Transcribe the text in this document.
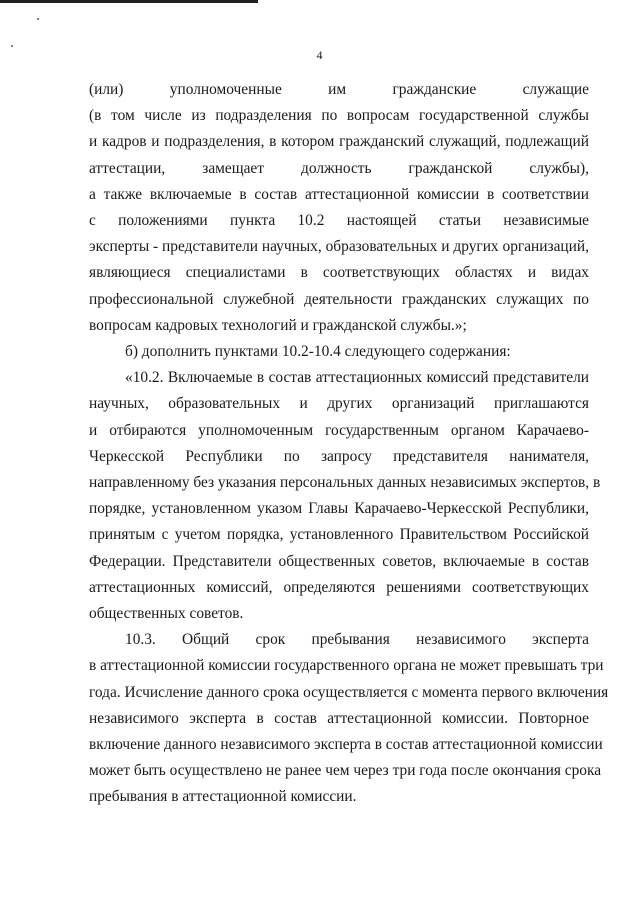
4
(или) уполномоченные им гражданские служащие
(в том числе из подразделения по вопросам государственной службы
и кадров и подразделения, в котором гражданский служащий, подлежащий
аттестации, замещает должность гражданской службы),
а также включаемые в состав аттестационной комиссии в соответствии
с положениями пункта 10.2 настоящей статьи независимые
эксперты - представители научных, образовательных и других организаций,
являющиеся специалистами в соответствующих областях и видах
профессиональной служебной деятельности гражданских служащих по
вопросам кадровых технологий и гражданской службы.»;
б) дополнить пунктами 10.2-10.4 следующего содержания:
«10.2. Включаемые в состав аттестационных комиссий представители
научных, образовательных и других организаций приглашаются
и отбираются уполномоченным государственным органом Карачаево-
Черкесской Республики по запросу представителя нанимателя,
направленному без указания персональных данных независимых экспертов, в
порядке, установленном указом Главы Карачаево-Черкесской Республики,
принятым с учетом порядка, установленного Правительством Российской
Федерации. Представители общественных советов, включаемые в состав
аттестационных комиссий, определяются решениями соответствующих
общественных советов.
10.3. Общий срок пребывания независимого эксперта
в аттестационной комиссии государственного органа не может превышать три
года. Исчисление данного срока осуществляется с момента первого включения
независимого эксперта в состав аттестационной комиссии. Повторное
включение данного независимого эксперта в состав аттестационной комиссии
может быть осуществлено не ранее чем через три года после окончания срока
пребывания в аттестационной комиссии.
